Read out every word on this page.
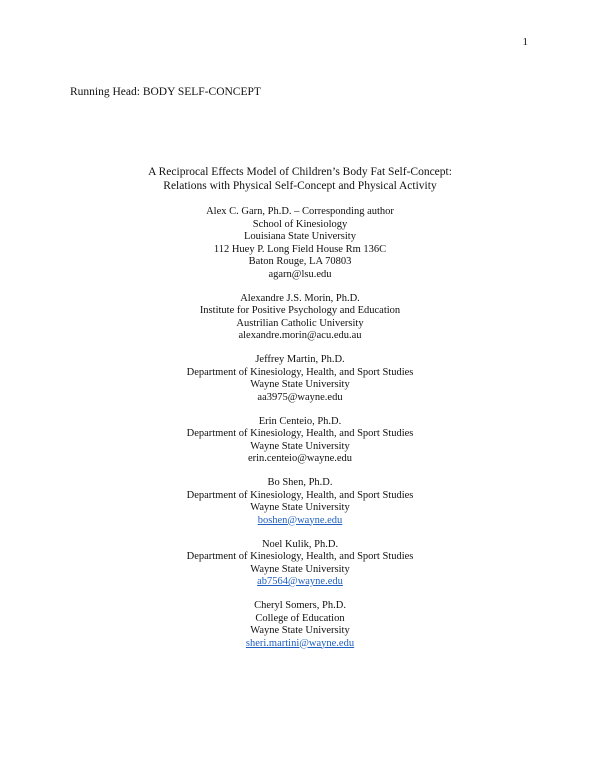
1
Running Head: BODY SELF-CONCEPT
A Reciprocal Effects Model of Children’s Body Fat Self-Concept:
Relations with Physical Self-Concept and Physical Activity
Alex C. Garn, Ph.D. – Corresponding author
School of Kinesiology
Louisiana State University
112 Huey P. Long Field House Rm 136C
Baton Rouge, LA 70803
agarn@lsu.edu
Alexandre J.S. Morin, Ph.D.
Institute for Positive Psychology and Education
Austrilian Catholic University
alexandre.morin@acu.edu.au
Jeffrey Martin, Ph.D.
Department of Kinesiology, Health, and Sport Studies
Wayne State University
aa3975@wayne.edu
Erin Centeio, Ph.D.
Department of Kinesiology, Health, and Sport Studies
Wayne State University
erin.centeio@wayne.edu
Bo Shen, Ph.D.
Department of Kinesiology, Health, and Sport Studies
Wayne State University
boshen@wayne.edu
Noel Kulik, Ph.D.
Department of Kinesiology, Health, and Sport Studies
Wayne State University
ab7564@wayne.edu
Cheryl Somers, Ph.D.
College of Education
Wayne State University
sheri.martini@wayne.edu
